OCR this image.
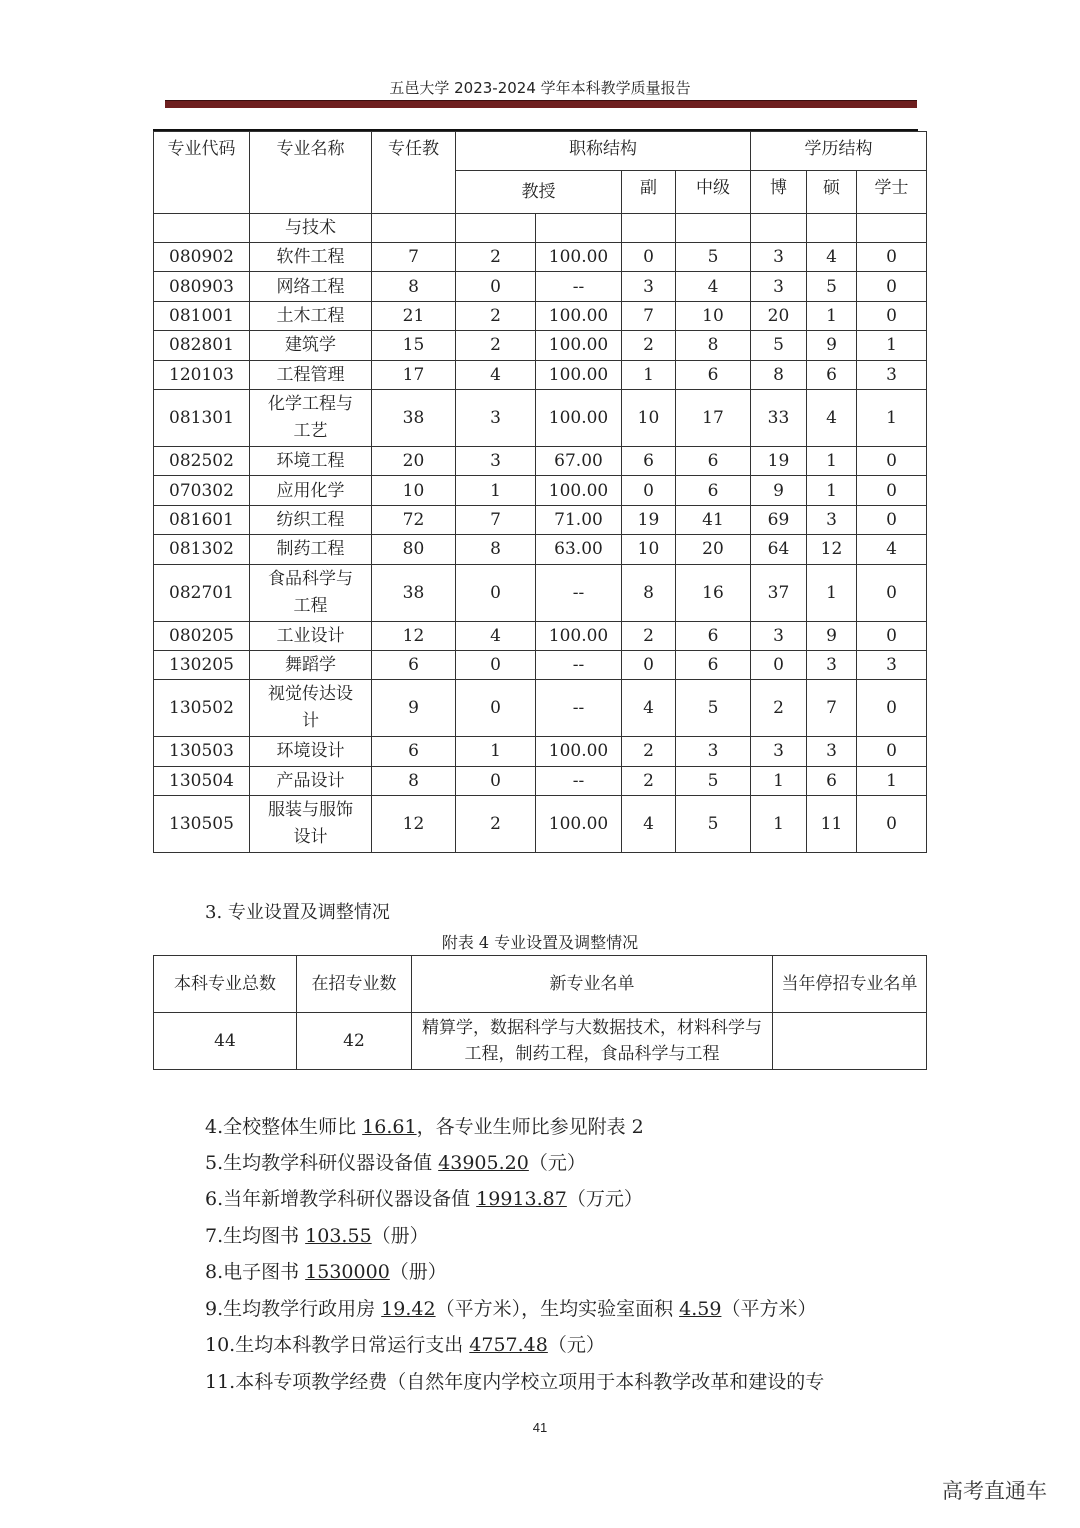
五邑大学 2023-2024 学年本科教学质量报告
专业代码	专业名称	专任教	职称结构				学历结构		
			教授		副	中级	博	硕	学士
	与技术								
080902	软件工程	7	2	100.00	0	5	3	4	0
080903	网络工程	8	0	--	3	4	3	5	0
081001	土木工程	21	2	100.00	7	10	20	1	0
082801	建筑学	15	2	100.00	2	8	5	9	1
120103	工程管理	17	4	100.00	1	6	8	6	3
081301	化学工程与工艺	38	3	100.00	10	17	33	4	1
082502	环境工程	20	3	67.00	6	6	19	1	0
070302	应用化学	10	1	100.00	0	6	9	1	0
081601	纺织工程	72	7	71.00	19	41	69	3	0
081302	制药工程	80	8	63.00	10	20	64	12	4
082701	食品科学与工程	38	0	--	8	16	37	1	0
080205	工业设计	12	4	100.00	2	6	3	9	0
130205	舞蹈学	6	0	--	0	6	0	3	3
130502	视觉传达设计	9	0	--	4	5	2	7	0
130503	环境设计	6	1	100.00	2	3	3	3	0
130504	产品设计	8	0	--	2	5	1	6	1
130505	服装与服饰设计	12	2	100.00	4	5	1	11	0
3. 专业设置及调整情况
附表 4 专业设置及调整情况
本科专业总数	在招专业数	新专业名单	当年停招专业名单
44	42	精算学，数据科学与大数据技术，材料科学与工程，制药工程，食品科学与工程	
4.全校整体生师比 16.61，各专业生师比参见附表 2
5.生均教学科研仪器设备值 43905.20（元）
6.当年新增教学科研仪器设备值 19913.87（万元）
7.生均图书 103.55（册）
8.电子图书 1530000（册）
9.生均教学行政用房 19.42（平方米），生均实验室面积 4.59（平方米）
10.生均本科教学日常运行支出 4757.48（元）
11.本科专项教学经费（自然年度内学校立项用于本科教学改革和建设的专
41
高考直通车
